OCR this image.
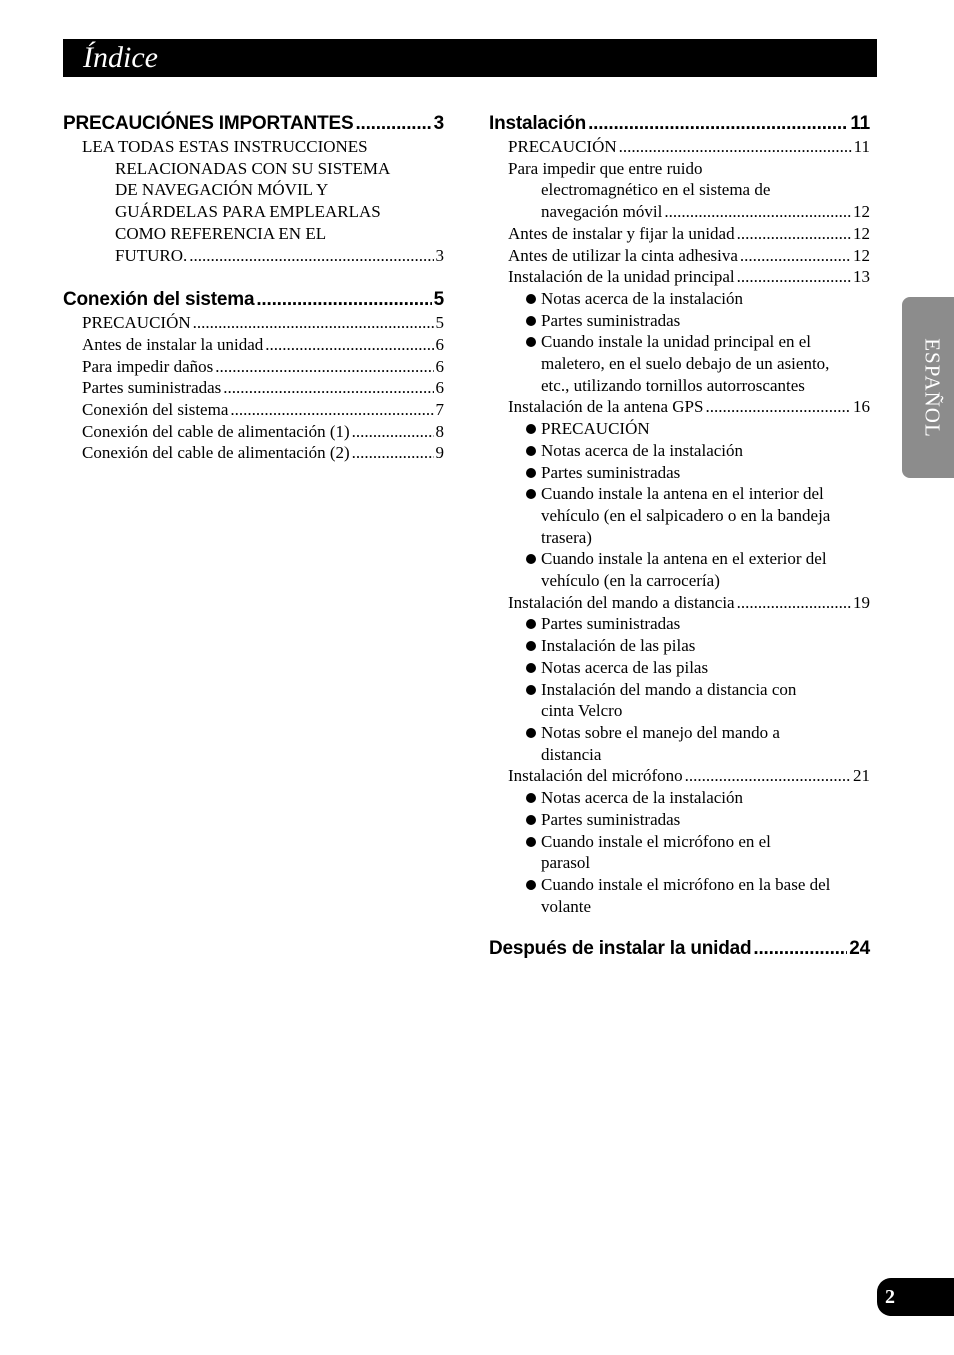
Índice
PRECAUCIÓNES IMPORTANTES .....	3
LEA TODAS ESTAS INSTRUCCIONES
RELACIONADAS CON SU SISTEMA
DE NAVEGACIÓN MÓVIL Y
GUÁRDELAS PARA EMPLEARLAS
COMO REFERENCIA EN EL
FUTURO. .....	3
Conexión del sistema .....	5
PRECAUCIÓN .....	5
Antes de instalar la unidad .....	6
Para impedir daños .....	6
Partes suministradas .....	6
Conexión del sistema .....	7
Conexión del cable de alimentación (1) .....	8
Conexión del cable de alimentación (2) .....	9
Instalación .....	11
PRECAUCIÓN .....	11
Para impedir que entre ruido
electromagnético en el sistema de
navegación móvil .....	12
Antes de instalar y fijar la unidad .....	12
Antes de utilizar la cinta adhesiva .....	12
Instalación de la unidad principal .....	13
Notas acerca de la instalación
Partes suministradas
Cuando instale la unidad principal en el maletero, en el suelo debajo de un asiento, etc., utilizando tornillos autorroscantes
Instalación de la antena GPS .....	16
PRECAUCIÓN
Notas acerca de la instalación
Partes suministradas
Cuando instale la antena en el interior del vehículo (en el salpicadero o en la bandeja trasera)
Cuando instale la antena en el exterior del vehículo (en la carrocería)
Instalación del mando a distancia .....	19
Partes suministradas
Instalación de las pilas
Notas acerca de las pilas
Instalación del mando a distancia con cinta Velcro
Notas sobre el manejo del mando a distancia
Instalación del micrófono .....	21
Notas acerca de la instalación
Partes suministradas
Cuando instale el micrófono en el parasol
Cuando instale el micrófono en la base del volante
Después de instalar la unidad .....	24
ESPAÑOL
2
